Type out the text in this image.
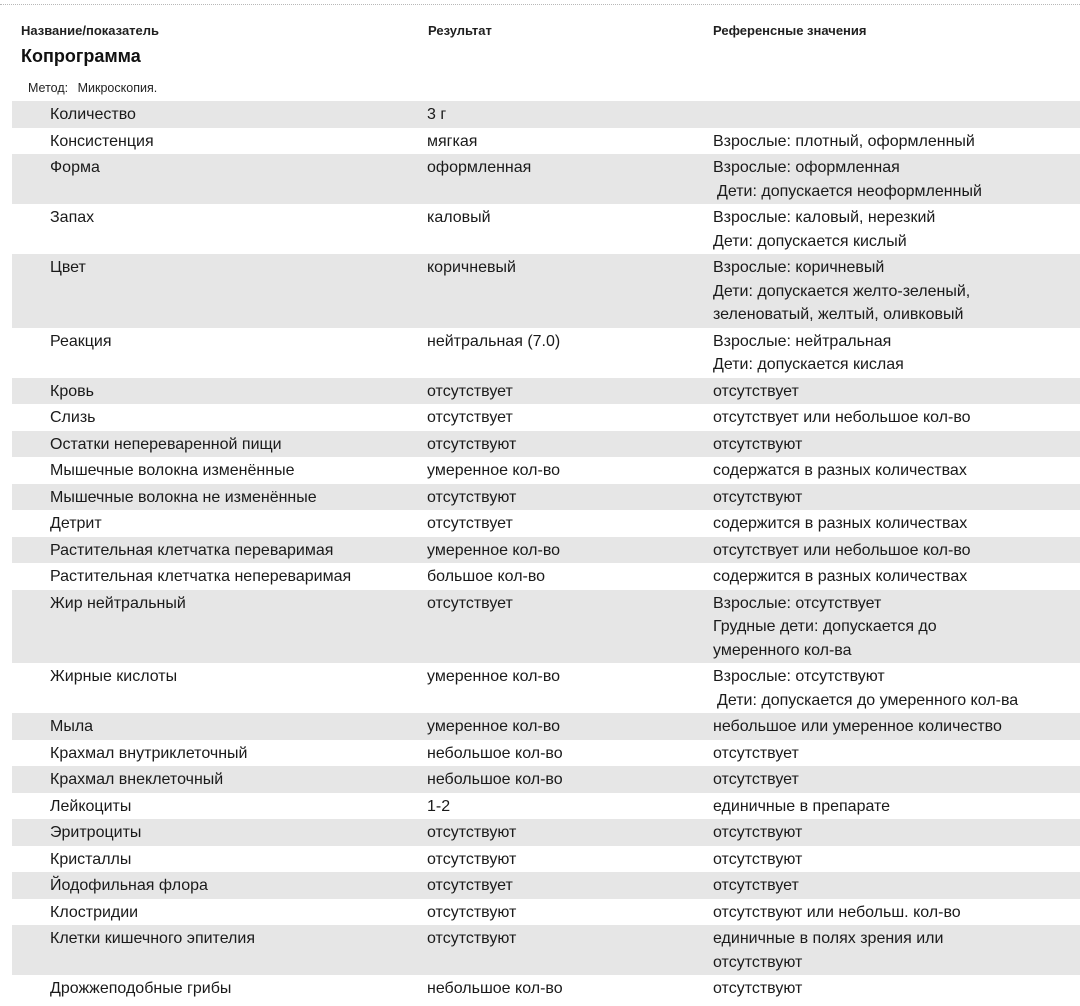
Название/показатель	Результат	Референсные значения
Копрограмма
Метод: Микроскопия.
Количество	3 г

Консистенция	мягкая	Взрослые: плотный, оформленный
Форма	оформленная	Взрослые: оформленная
Дети: допускается неоформленный
Запах	каловый	Взрослые: каловый, нерезкий
Дети: допускается кислый
Цвет	коричневый	Взрослые: коричневый
Дети: допускается желто-зеленый,
зеленоватый, желтый, оливковый
Реакция	нейтральная (7.0)	Взрослые: нейтральная
Дети: допускается кислая
Кровь	отсутствует	отсутствует
Слизь	отсутствует	отсутствует или небольшое кол-во
Остатки непереваренной пищи	отсутствуют	отсутствуют
Мышечные волокна изменённые	умеренное кол-во	содержатся в разных количествах
Мышечные волокна не изменённые	отсутствуют	отсутствуют
Детрит	отсутствует	содержится в разных количествах
Растительная клетчатка переваримая	умеренное кол-во	отсутствует или небольшое кол-во
Растительная клетчатка непереваримая	большое кол-во	содержится в разных количествах
Жир нейтральный	отсутствует	Взрослые: отсутствует
Грудные дети: допускается до
умеренного кол-ва
Жирные кислоты	умеренное кол-во	Взрослые: отсутствуют
Дети: допускается до умеренного кол-ва
Мыла	умеренное кол-во	небольшое или умеренное количество
Крахмал внутриклеточный	небольшое кол-во	отсутствует
Крахмал внеклеточный	небольшое кол-во	отсутствует
Лейкоциты	1-2	единичные в препарате
Эритроциты	отсутствуют	отсутствуют
Кристаллы	отсутствуют	отсутствуют
Йодофильная флора	отсутствует	отсутствует
Клостридии	отсутствуют	отсутствуют или небольш. кол-во
Клетки кишечного эпителия	отсутствуют	единичные в полях зрения или
отсутствуют
Дрожжеподобные грибы	небольшое кол-во	отсутствуют
